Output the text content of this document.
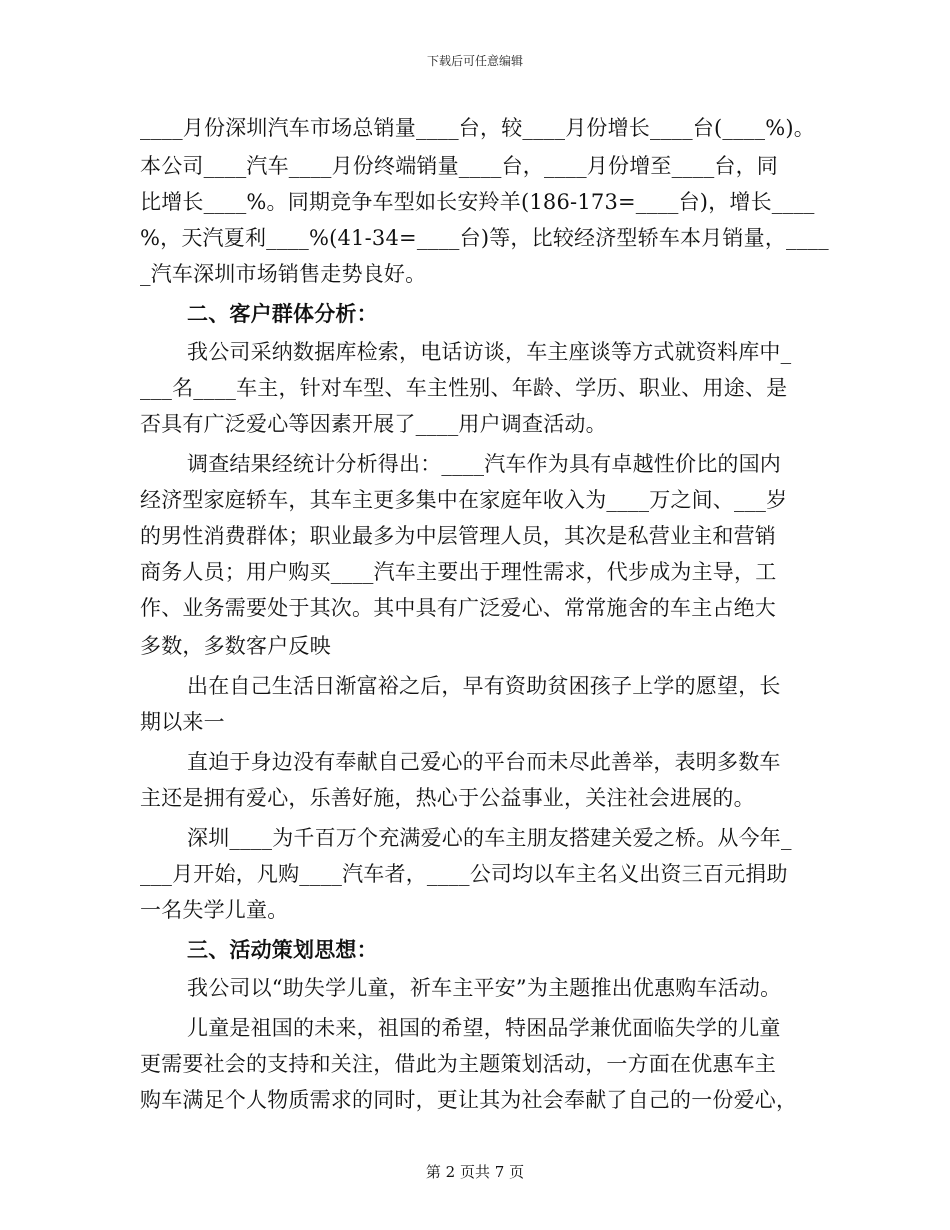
下载后可任意编辑
____月份深圳汽车市场总销量____台，较____月份增长____台(____%)。
本公司____汽车____月份终端销量____台，____月份增至____台，同
比增长____%。同期竞争车型如长安羚羊(186-173=____台)，增长____
%，天汽夏利____%(41-34=____台)等，比较经济型轿车本月销量，____
_汽车深圳市场销售走势良好。
二、客户群体分析：
我公司采纳数据库检索，电话访谈，车主座谈等方式就资料库中_
___名____车主，针对车型、车主性别、年龄、学历、职业、用途、是
否具有广泛爱心等因素开展了____用户调查活动。
调查结果经统计分析得出：____汽车作为具有卓越性价比的国内
经济型家庭轿车，其车主更多集中在家庭年收入为____万之间、___岁
的男性消费群体；职业最多为中层管理人员，其次是私营业主和营销
商务人员；用户购买____汽车主要出于理性需求，代步成为主导，工
作、业务需要处于其次。其中具有广泛爱心、常常施舍的车主占绝大
多数，多数客户反映
出在自己生活日渐富裕之后，早有资助贫困孩子上学的愿望，长
期以来一
直迫于身边没有奉献自己爱心的平台而未尽此善举，表明多数车
主还是拥有爱心，乐善好施，热心于公益事业，关注社会进展的。
深圳____为千百万个充满爱心的车主朋友搭建关爱之桥。从今年_
___月开始，凡购____汽车者，____公司均以车主名义出资三百元捐助
一名失学儿童。
三、活动策划思想：
我公司以“助失学儿童，祈车主平安”为主题推出优惠购车活动。
儿童是祖国的未来，祖国的希望，特困品学兼优面临失学的儿童
更需要社会的支持和关注，借此为主题策划活动，一方面在优惠车主
购车满足个人物质需求的同时，更让其为社会奉献了自己的一份爱心，
第 2 页共 7 页
